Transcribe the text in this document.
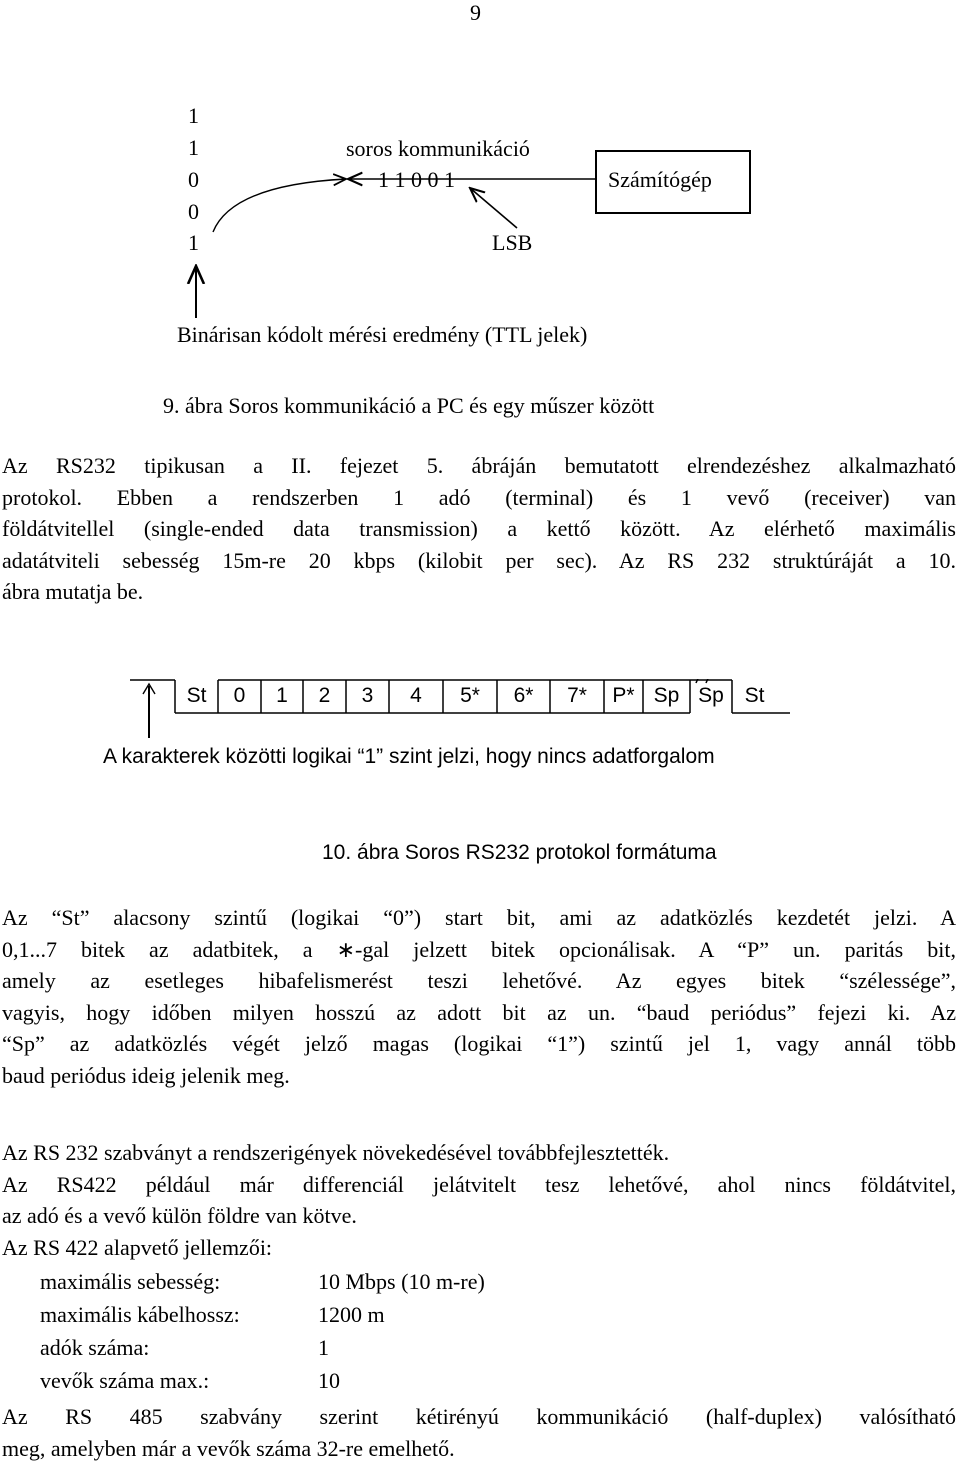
9
1
1
0
0
1
soros kommunikáció
1 1 0 0 1	Számítógép
LSB
Binárisan kódolt mérési eredmény (TTL jelek)
9. ábra Soros kommunikáció a PC és egy műszer között
Az RS232 tipikusan a II. fejezet 5. ábráján bemutatott elrendezéshez alkalmazható
protokol. Ebben a rendszerben 1 adó (terminal) és 1 vevő (receiver) van
földátvitellel (single-ended data transmission) a kettő között. Az elérhető maximális
adatátviteli sebesség 15m-re 20 kbps (kilobit per sec). Az RS 232 struktúráját a 10.
ábra mutatja be.
St	0	1	2	3	4	5*	6*	7*	P* Sp Sp St
A karakterek közötti logikai “1” szint jelzi, hogy nincs adatforgalom
10. ábra Soros RS232 protokol formátuma
Az “St” alacsony szintű (logikai “0”) start bit, ami az adatközlés kezdetét jelzi. A
0,1...7 bitek az adatbitek, a ∗-gal jelzett bitek opcionálisak. A “P” un. paritás bit,
amely az esetleges hibafelismerést teszi lehetővé. Az egyes bitek “szélessége”,
vagyis, hogy időben milyen hosszú az adott bit az un. “baud periódus” fejezi ki. Az
“Sp” az adatközlés végét jelző magas (logikai “1”) szintű jel 1, vagy annál több
baud periódus ideig jelenik meg.
Az RS 232 szabványt a rendszerigények növekedésével továbbfejlesztették.
Az RS422 például már differenciál jelátvitelt tesz lehetővé, ahol nincs földátvitel,
az adó és a vevő külön földre van kötve.
Az RS 422 alapvető jellemzői:
maximális sebesség:	10 Mbps (10 m-re)
maximális kábelhossz:	1200 m
adók száma:	1
vevők száma max.:	10
Az RS 485 szabvány szerint kétirényú kommunikáció (half-duplex) valósítható
meg, amelyben már a vevők száma 32-re emelhető.
